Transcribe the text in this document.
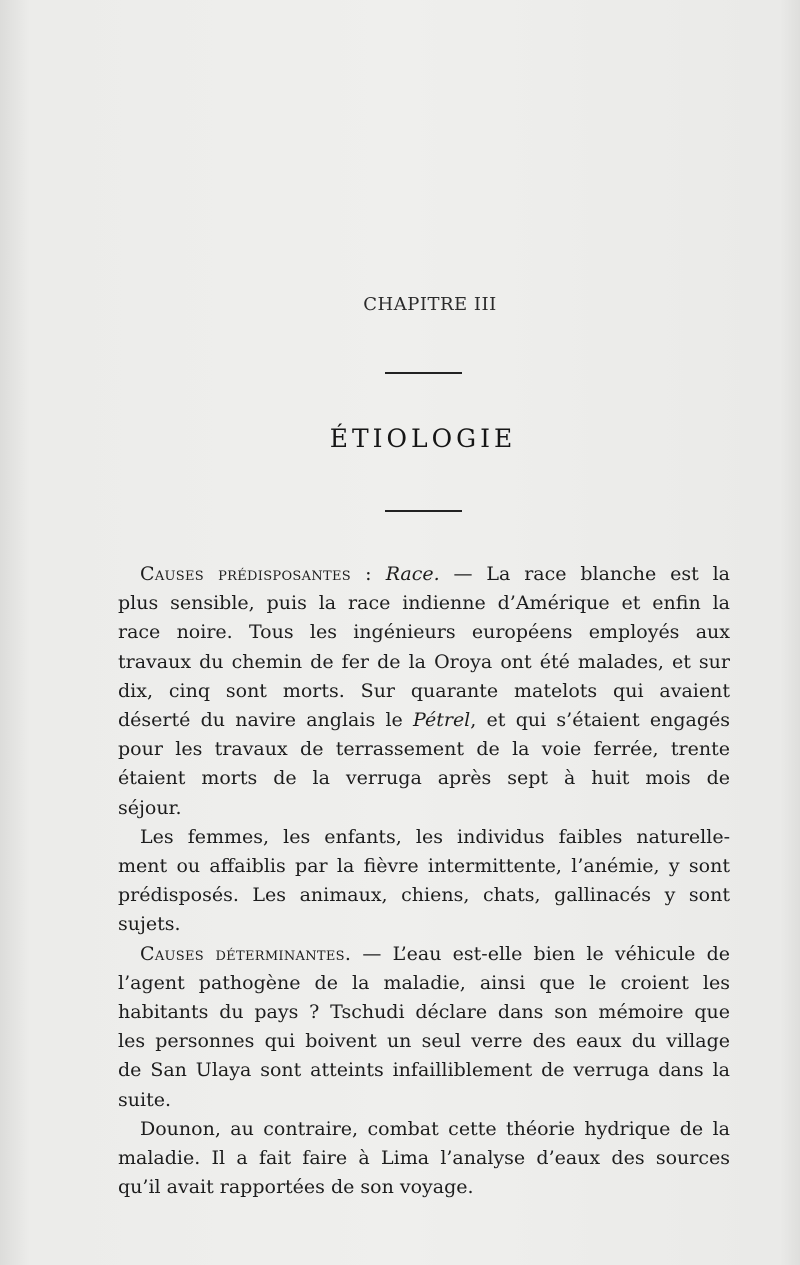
CHAPITRE III
ÉTIOLOGIE
Causes prédisposantes : Race. — La race blanche est la
plus sensible, puis la race indienne d’Amérique et enfin la
race noire. Tous les ingénieurs européens employés aux
travaux du chemin de fer de la Oroya ont été malades, et sur
dix, cinq sont morts. Sur quarante matelots qui avaient
déserté du navire anglais le Pétrel, et qui s’étaient engagés
pour les travaux de terrassement de la voie ferrée, trente
étaient morts de la verruga après sept à huit mois de
séjour.
Les femmes, les enfants, les individus faibles naturelle-
ment ou affaiblis par la fièvre intermittente, l’anémie, y sont
prédisposés. Les animaux, chiens, chats, gallinacés y sont
sujets.
Causes déterminantes. — L’eau est-elle bien le véhicule de
l’agent pathogène de la maladie, ainsi que le croient les
habitants du pays ? Tschudi déclare dans son mémoire que
les personnes qui boivent un seul verre des eaux du village
de San Ulaya sont atteints infailliblement de verruga dans la
suite.
Dounon, au contraire, combat cette théorie hydrique de la
maladie. Il a fait faire à Lima l’analyse d’eaux des sources
qu’il avait rapportées de son voyage.
